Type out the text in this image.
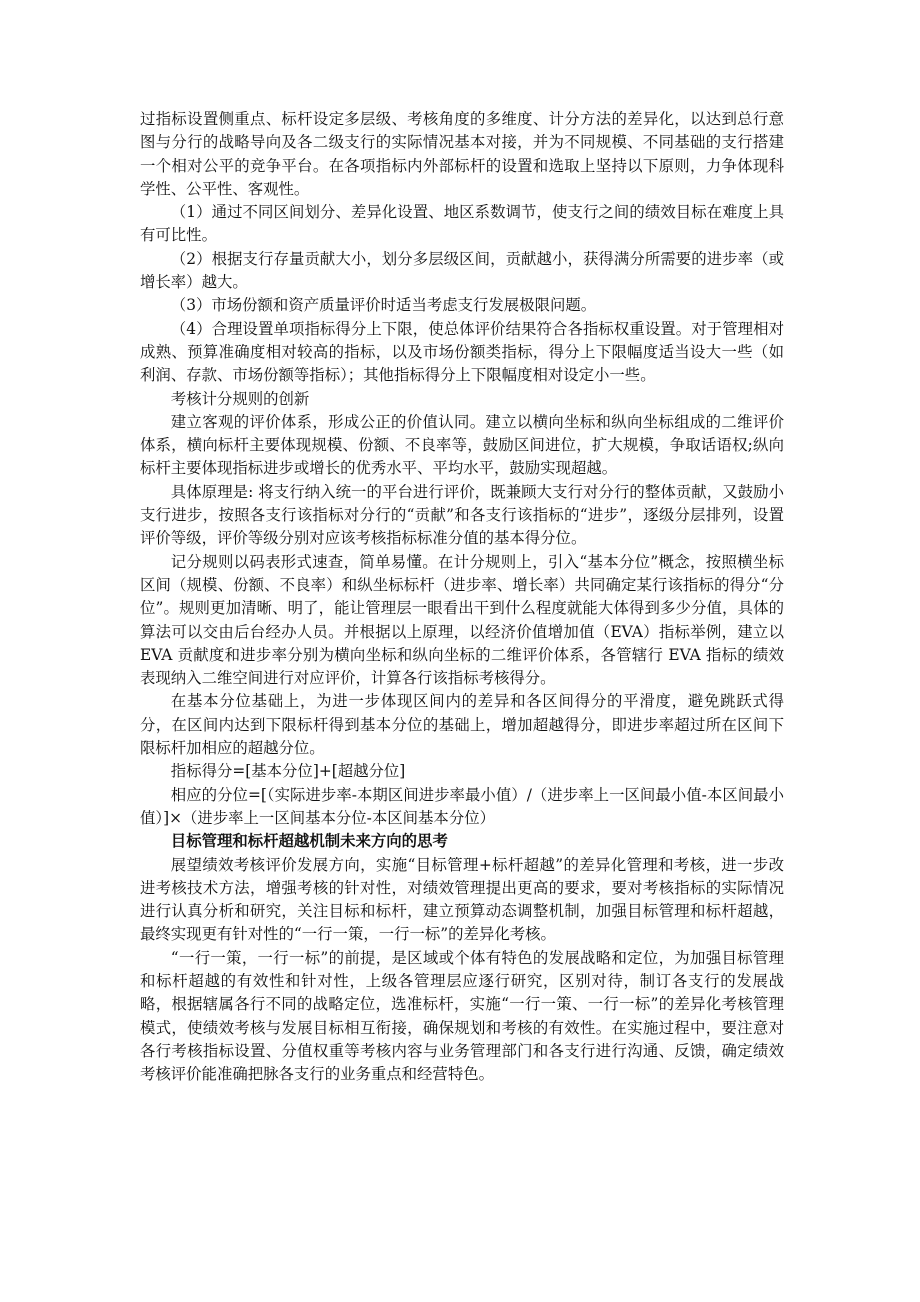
过指标设置侧重点、标杆设定多层级、考核角度的多维度、计分方法的差异化，以达到总行意图与分行的战略导向及各二级支行的实际情况基本对接，并为不同规模、不同基础的支行搭建一个相对公平的竞争平台。在各项指标内外部标杆的设置和选取上坚持以下原则，力争体现科学性、公平性、客观性。

（1）通过不同区间划分、差异化设置、地区系数调节，使支行之间的绩效目标在难度上具有可比性。

（2）根据支行存量贡献大小，划分多层级区间，贡献越小，获得满分所需要的进步率（或增长率）越大。

（3）市场份额和资产质量评价时适当考虑支行发展极限问题。

（4）合理设置单项指标得分上下限，使总体评价结果符合各指标权重设置。对于管理相对成熟、预算准确度相对较高的指标，以及市场份额类指标，得分上下限幅度适当设大一些（如利润、存款、市场份额等指标）；其他指标得分上下限幅度相对设定小一些。

考核计分规则的创新

建立客观的评价体系，形成公正的价值认同。建立以横向坐标和纵向坐标组成的二维评价体系，横向标杆主要体现规模、份额、不良率等，鼓励区间进位，扩大规模，争取话语权;纵向标杆主要体现指标进步或增长的优秀水平、平均水平，鼓励实现超越。

具体原理是: 将支行纳入统一的平台进行评价，既兼顾大支行对分行的整体贡献，又鼓励小支行进步，按照各支行该指标对分行的“贡献”和各支行该指标的“进步”，逐级分层排列，设置评价等级，评价等级分别对应该考核指标标准分值的基本得分位。

记分规则以码表形式速查，简单易懂。在计分规则上，引入“基本分位”概念，按照横坐标区间（规模、份额、不良率）和纵坐标标杆（进步率、增长率）共同确定某行该指标的得分“分位”。规则更加清晰、明了，能让管理层一眼看出干到什么程度就能大体得到多少分值，具体的算法可以交由后台经办人员。并根据以上原理，以经济价值增加值（EVA）指标举例，建立以 EVA 贡献度和进步率分别为横向坐标和纵向坐标的二维评价体系，各管辖行 EVA 指标的绩效表现纳入二维空间进行对应评价，计算各行该指标考核得分。

在基本分位基础上，为进一步体现区间内的差异和各区间得分的平滑度，避免跳跃式得分，在区间内达到下限标杆得到基本分位的基础上，增加超越得分，即进步率超过所在区间下限标杆加相应的超越分位。

指标得分=[基本分位]+[超越分位]

相应的分位=[（实际进步率-本期区间进步率最小值）/（进步率上一区间最小值-本区间最小值）]×（进步率上一区间基本分位-本区间基本分位）

目标管理和标杆超越机制未来方向的思考

展望绩效考核评价发展方向，实施“目标管理+标杆超越”的差异化管理和考核，进一步改进考核技术方法，增强考核的针对性，对绩效管理提出更高的要求，要对考核指标的实际情况进行认真分析和研究，关注目标和标杆，建立预算动态调整机制，加强目标管理和标杆超越，最终实现更有针对性的“一行一策，一行一标”的差异化考核。

“一行一策，一行一标”的前提，是区域或个体有特色的发展战略和定位，为加强目标管理和标杆超越的有效性和针对性，上级各管理层应逐行研究，区别对待，制订各支行的发展战略，根据辖属各行不同的战略定位，选准标杆，实施“一行一策、一行一标”的差异化考核管理模式，使绩效考核与发展目标相互衔接，确保规划和考核的有效性。在实施过程中，要注意对各行考核指标设置、分值权重等考核内容与业务管理部门和各支行进行沟通、反馈，确定绩效考核评价能准确把脉各支行的业务重点和经营特色。
